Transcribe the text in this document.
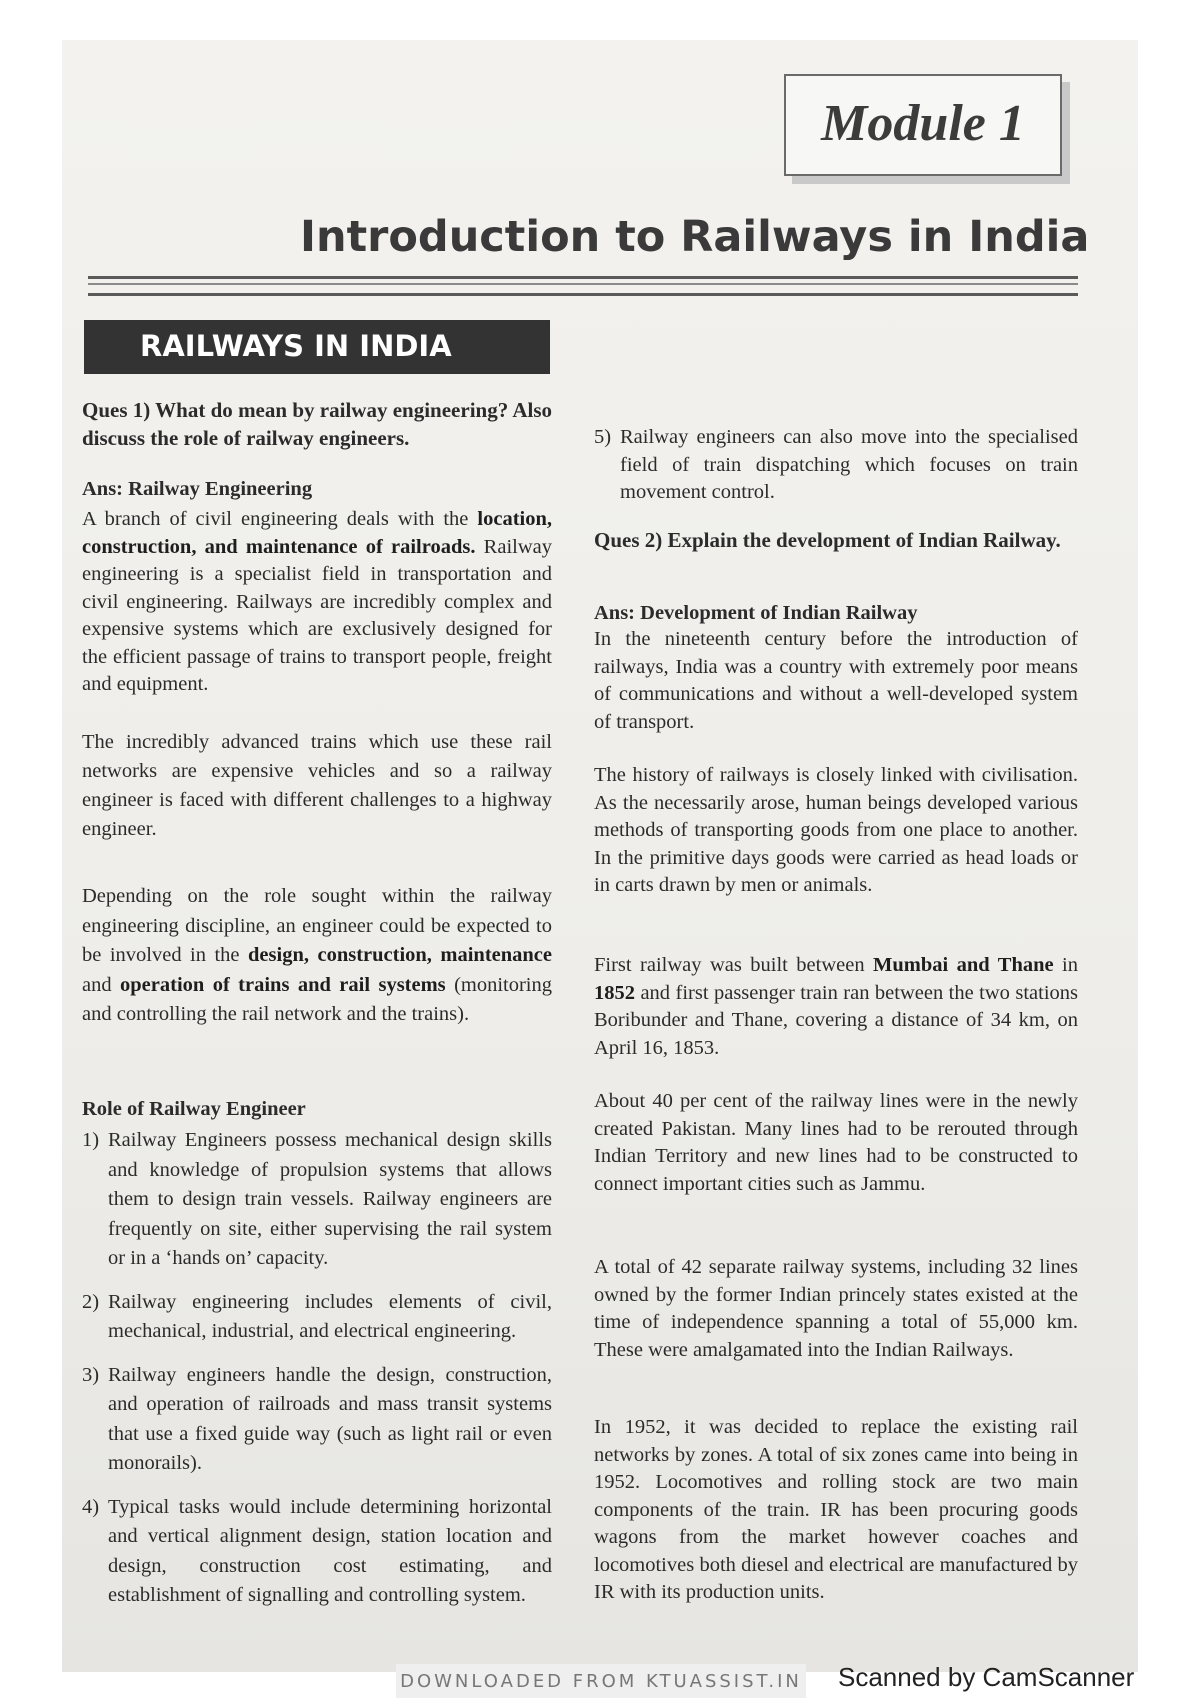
Module 1
Introduction to Railways in India
RAILWAYS IN INDIA

Ques 1) What do mean by railway engineering? Also discuss the role of railway engineers.

Ans: Railway Engineering

A branch of civil engineering deals with the location, construction, and maintenance of railroads. Railway engineering is a specialist field in transportation and civil engineering. Railways are incredibly complex and expensive systems which are exclusively designed for the efficient passage of trains to transport people, freight and equipment.

The incredibly advanced trains which use these rail networks are expensive vehicles and so a railway engineer is faced with different challenges to a highway engineer.

Depending on the role sought within the railway engineering discipline, an engineer could be expected to be involved in the design, construction, maintenance and operation of trains and rail systems (monitoring and controlling the rail network and the trains).

Role of Railway Engineer

1) Railway Engineers possess mechanical design skills and knowledge of propulsion systems that allows them to design train vessels. Railway engineers are frequently on site, either supervising the rail system or in a ‘hands on’ capacity.
2) Railway engineering includes elements of civil, mechanical, industrial, and electrical engineering.
3) Railway engineers handle the design, construction, and operation of railroads and mass transit systems that use a fixed guide way (such as light rail or even monorails).
4) Typical tasks would include determining horizontal and vertical alignment design, station location and design, construction cost estimating, and establishment of signalling and controlling system.
5) Railway engineers can also move into the specialised field of train dispatching which focuses on train movement control.

Ques 2) Explain the development of Indian Railway.

Ans: Development of Indian Railway

In the nineteenth century before the introduction of railways, India was a country with extremely poor means of communications and without a well-developed system of transport.

The history of railways is closely linked with civilisation. As the necessarily arose, human beings developed various methods of transporting goods from one place to another. In the primitive days goods were carried as head loads or in carts drawn by men or animals.

First railway was built between Mumbai and Thane in 1852 and first passenger train ran between the two stations Boribunder and Thane, covering a distance of 34 km, on April 16, 1853.

About 40 per cent of the railway lines were in the newly created Pakistan. Many lines had to be rerouted through Indian Territory and new lines had to be constructed to connect important cities such as Jammu.

A total of 42 separate railway systems, including 32 lines owned by the former Indian princely states existed at the time of independence spanning a total of 55,000 km. These were amalgamated into the Indian Railways.

In 1952, it was decided to replace the existing rail networks by zones. A total of six zones came into being in 1952. Locomotives and rolling stock are two main components of the train. IR has been procuring goods wagons from the market however coaches and locomotives both diesel and electrical are manufactured by IR with its production units.

DOWNLOADED FROM KTUASSIST.IN Scanned by CamScanner
